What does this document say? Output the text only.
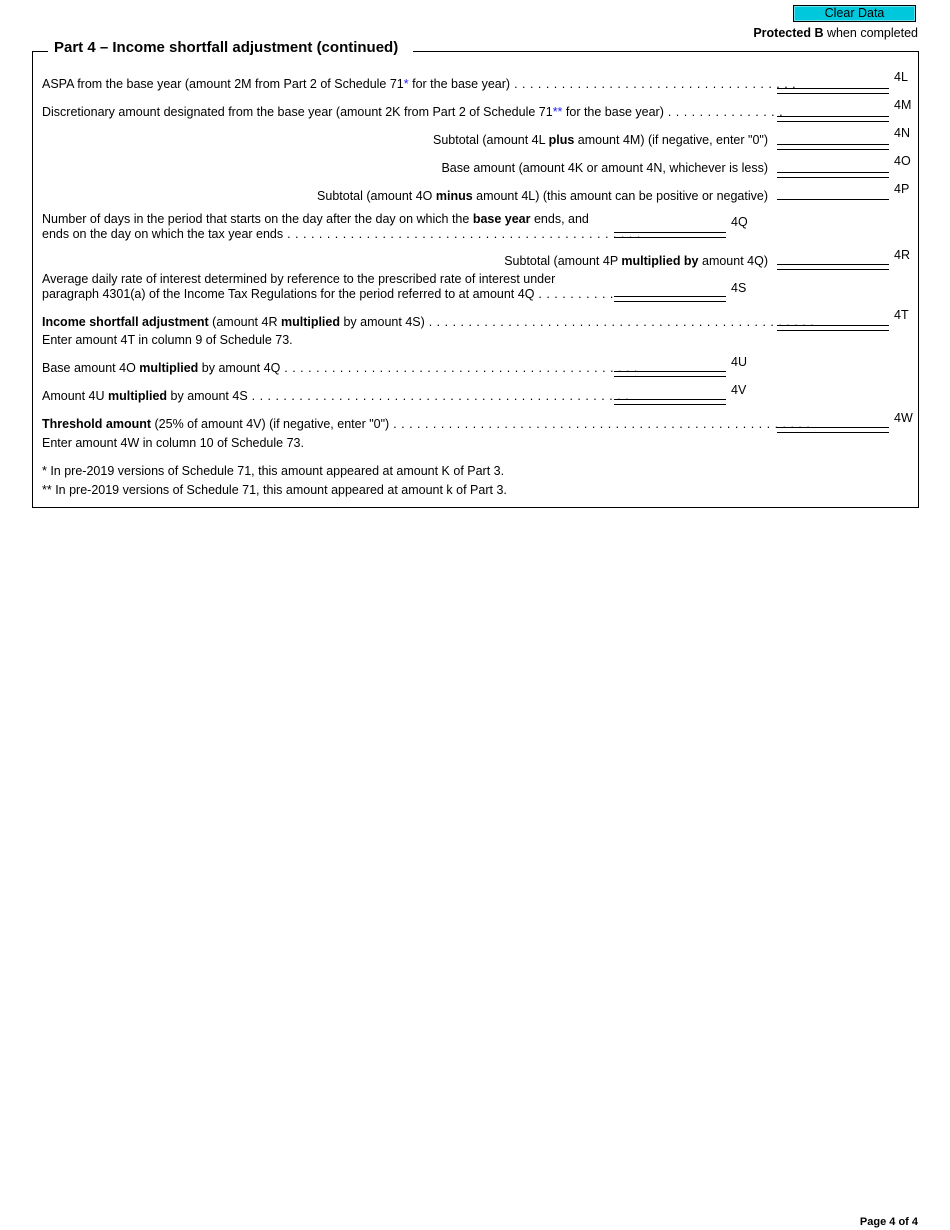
Clear Data
Protected B when completed
Part 4 – Income shortfall adjustment (continued)
ASPA from the base year (amount 2M from Part 2 of Schedule 71* for the base year) . . . . . . . . . . . . . . . . . . . . . . . . . . . . . . . . . . . .	4L
Discretionary amount designated from the base year (amount 2K from Part 2 of Schedule 71** for the base year) . . . . . . . . . . . . . . .	4M
Subtotal (amount 4L plus amount 4M) (if negative, enter "0")	4N
Base amount (amount 4K or amount 4N, whichever is less)	4O
Subtotal (amount 4O minus amount 4L) (this amount can be positive or negative)	4P
Number of days in the period that starts on the day after the day on which the base year ends, and
ends on the day on which the tax year ends . . . . . . . . . . . . . . . . . . . . . . . . . . . . . . . . . . . . . . . . . . . . .
4Q
Subtotal (amount 4P multiplied by amount 4Q)	4R
Average daily rate of interest determined by reference to the prescribed rate of interest under
paragraph 4301(a) of the Income Tax Regulations for the period referred to at amount 4Q . . . . . . . . . .	4S
Income shortfall adjustment (amount 4R multiplied by amount 4S) . . . . . . . . . . . . . . . . . . . . . . . . . . . . . . . . . . . . . . . . . . . . . . . . .	4T
Enter amount 4T in column 9 of Schedule 73.
Base amount 4O multiplied by amount 4Q . . . . . . . . . . . . . . . . . . . . . . . . . . . . . . . . . . . . . . . . . . . . .	4U
Amount 4U multiplied by amount 4S . . . . . . . . . . . . . . . . . . . . . . . . . . . . . . . . . . . . . . . . . . . . . . . .	4V
Threshold amount (25% of amount 4V) (if negative, enter "0") . . . . . . . . . . . . . . . . . . . . . . . . . . . . . . . . . . . . . . . . . . . . . . . . . . . . .	4W
Enter amount 4W in column 10 of Schedule 73.
* In pre-2019 versions of Schedule 71, this amount appeared at amount K of Part 3.
** In pre-2019 versions of Schedule 71, this amount appeared at amount k of Part 3.
Page 4 of 4
